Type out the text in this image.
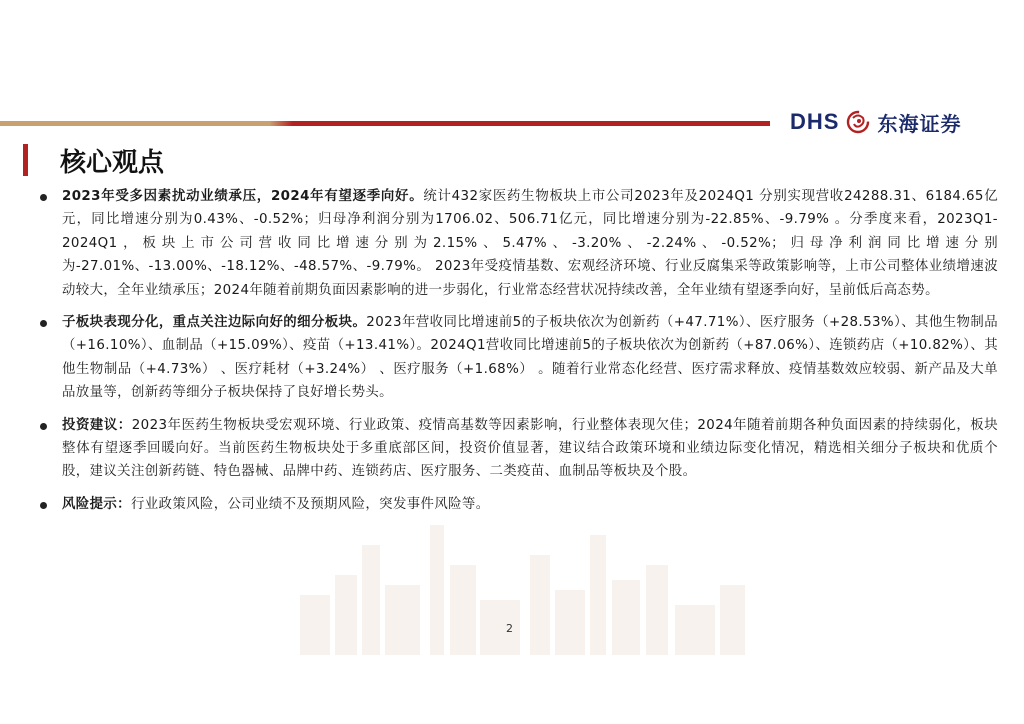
DHS 东海证券
核心观点

2023年受多因素扰动业绩承压，2024年有望逐季向好。统计432家医药生物板块上市公司2023年及2024Q1 分别实现营收24288.31、6184.65亿元，同比增速分别为0.43%、-0.52%；归母净利润分别为1706.02、506.71亿元，同比增速分别为-22.85%、-9.79% 。分季度来看，2023Q1-2024Q1，板块上市公司营收同比增速分别为2.15%、5.47%、-3.20%、-2.24%、-0.52%；归母净利润同比增速分别为-27.01%、-13.00%、-18.12%、-48.57%、-9.79%。 2023年受疫情基数、宏观经济环境、行业反腐集采等政策影响等，上市公司整体业绩增速波动较大，全年业绩承压；2024年随着前期负面因素影响的进一步弱化，行业常态经营状况持续改善，全年业绩有望逐季向好，呈前低后高态势。

子板块表现分化，重点关注边际向好的细分板块。2023年营收同比增速前5的子板块依次为创新药（+47.71%）、医疗服务（+28.53%）、其他生物制品（+16.10%）、血制品（+15.09%）、疫苗（+13.41%）。2024Q1营收同比增速前5的子板块依次为创新药（+87.06%）、连锁药店（+10.82%）、其他生物制品（+4.73%） 、医疗耗材（+3.24%） 、医疗服务（+1.68%） 。随着行业常态化经营、医疗需求释放、疫情基数效应较弱、新产品及大单品放量等，创新药等细分子板块保持了良好增长势头。

投资建议：2023年医药生物板块受宏观环境、行业政策、疫情高基数等因素影响，行业整体表现欠佳；2024年随着前期各种负面因素的持续弱化，板块整体有望逐季回暖向好。当前医药生物板块处于多重底部区间，投资价值显著，建议结合政策环境和业绩边际变化情况，精选相关细分子板块和优质个股，建议关注创新药链、特色器械、品牌中药、连锁药店、医疗服务、二类疫苗、血制品等板块及个股。

风险提示：行业政策风险，公司业绩不及预期风险，突发事件风险等。

2
